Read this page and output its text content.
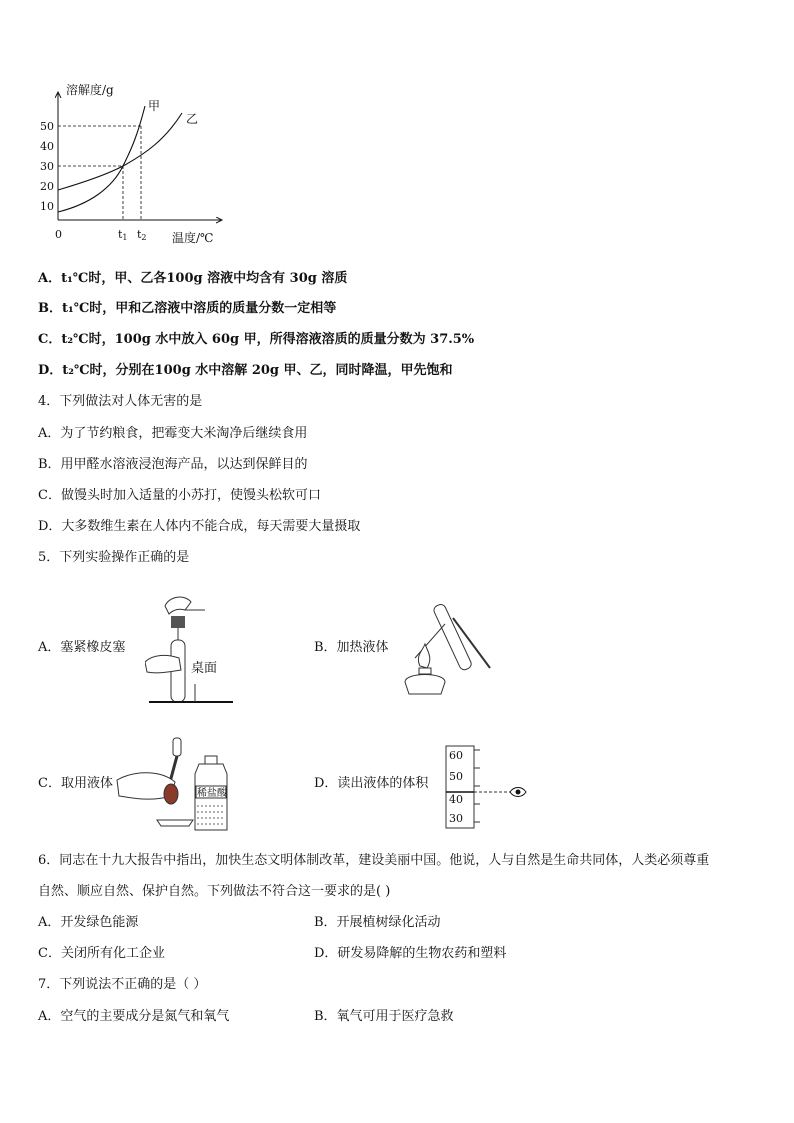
溶解度/g
温度/℃
0
10
20
30
40
50
t1 t2
甲
乙
A．t₁℃时，甲、乙各100g 溶液中均含有 30g 溶质
B．t₁℃时，甲和乙溶液中溶质的质量分数一定相等
C．t₂℃时，100g 水中放入 60g 甲，所得溶液溶质的质量分数为 37.5%
D．t₂℃时，分别在100g 水中溶解 20g 甲、乙，同时降温，甲先饱和
4．下列做法对人体无害的是
A．为了节约粮食，把霉变大米淘净后继续食用
B．用甲醛水溶液浸泡海产品，以达到保鲜目的
C．做馒头时加入适量的小苏打，使馒头松软可口
D．大多数维生素在人体内不能合成，每天需要大量摄取
5．下列实验操作正确的是
A．塞紧橡皮塞
桌面
B．加热液体
C．取用液体
稀盐酸
D．读出液体的体积
60
50
40
30
6．同志在十九大报告中指出，加快生态文明体制改革，建设美丽中国。他说，人与自然是生命共同体，人类必须尊重
自然、顺应自然、保护自然。下列做法不符合这一要求的是( )
A．开发绿色能源	B．开展植树绿化活动
C．关闭所有化工企业	D．研发易降解的生物农药和塑料
7．下列说法不正确的是（ ）
A．空气的主要成分是氮气和氧气	B．氧气可用于医疗急救
